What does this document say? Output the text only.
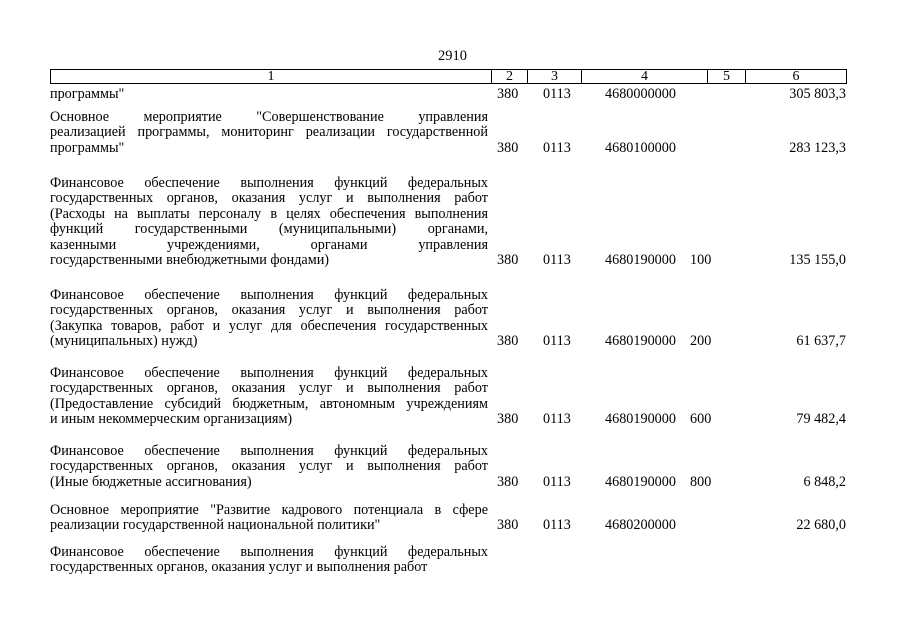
2910
1	2	3	4	5	6
программы"	380 0113 4680000000	305 803,3
Основное мероприятие "Совершенствование управления
реализацией программы, мониторинг реализации государственной
программы"	380 0113 4680100000	283 123,3
Финансовое обеспечение выполнения функций федеральных
государственных органов, оказания услуг и выполнения работ
(Расходы на выплаты персоналу в целях обеспечения выполнения
функций государственными (муниципальными) органами,
казенными учреждениями, органами управления
государственными внебюджетными фондами)	380 0113 4680190000 100	135 155,0
Финансовое обеспечение выполнения функций федеральных
государственных органов, оказания услуг и выполнения работ
(Закупка товаров, работ и услуг для обеспечения государственных
(муниципальных) нужд)	380 0113 4680190000 200	61 637,7
Финансовое обеспечение выполнения функций федеральных
государственных органов, оказания услуг и выполнения работ
(Предоставление субсидий бюджетным, автономным учреждениям
и иным некоммерческим организациям)	380 0113 4680190000 600	79 482,4
Финансовое обеспечение выполнения функций федеральных
государственных органов, оказания услуг и выполнения работ
(Иные бюджетные ассигнования)	380 0113 4680190000 800	6 848,2
Основное мероприятие "Развитие кадрового потенциала в сфере
реализации государственной национальной политики"	380 0113 4680200000	22 680,0
Финансовое обеспечение выполнения функций федеральных
государственных органов, оказания услуг и выполнения работ
